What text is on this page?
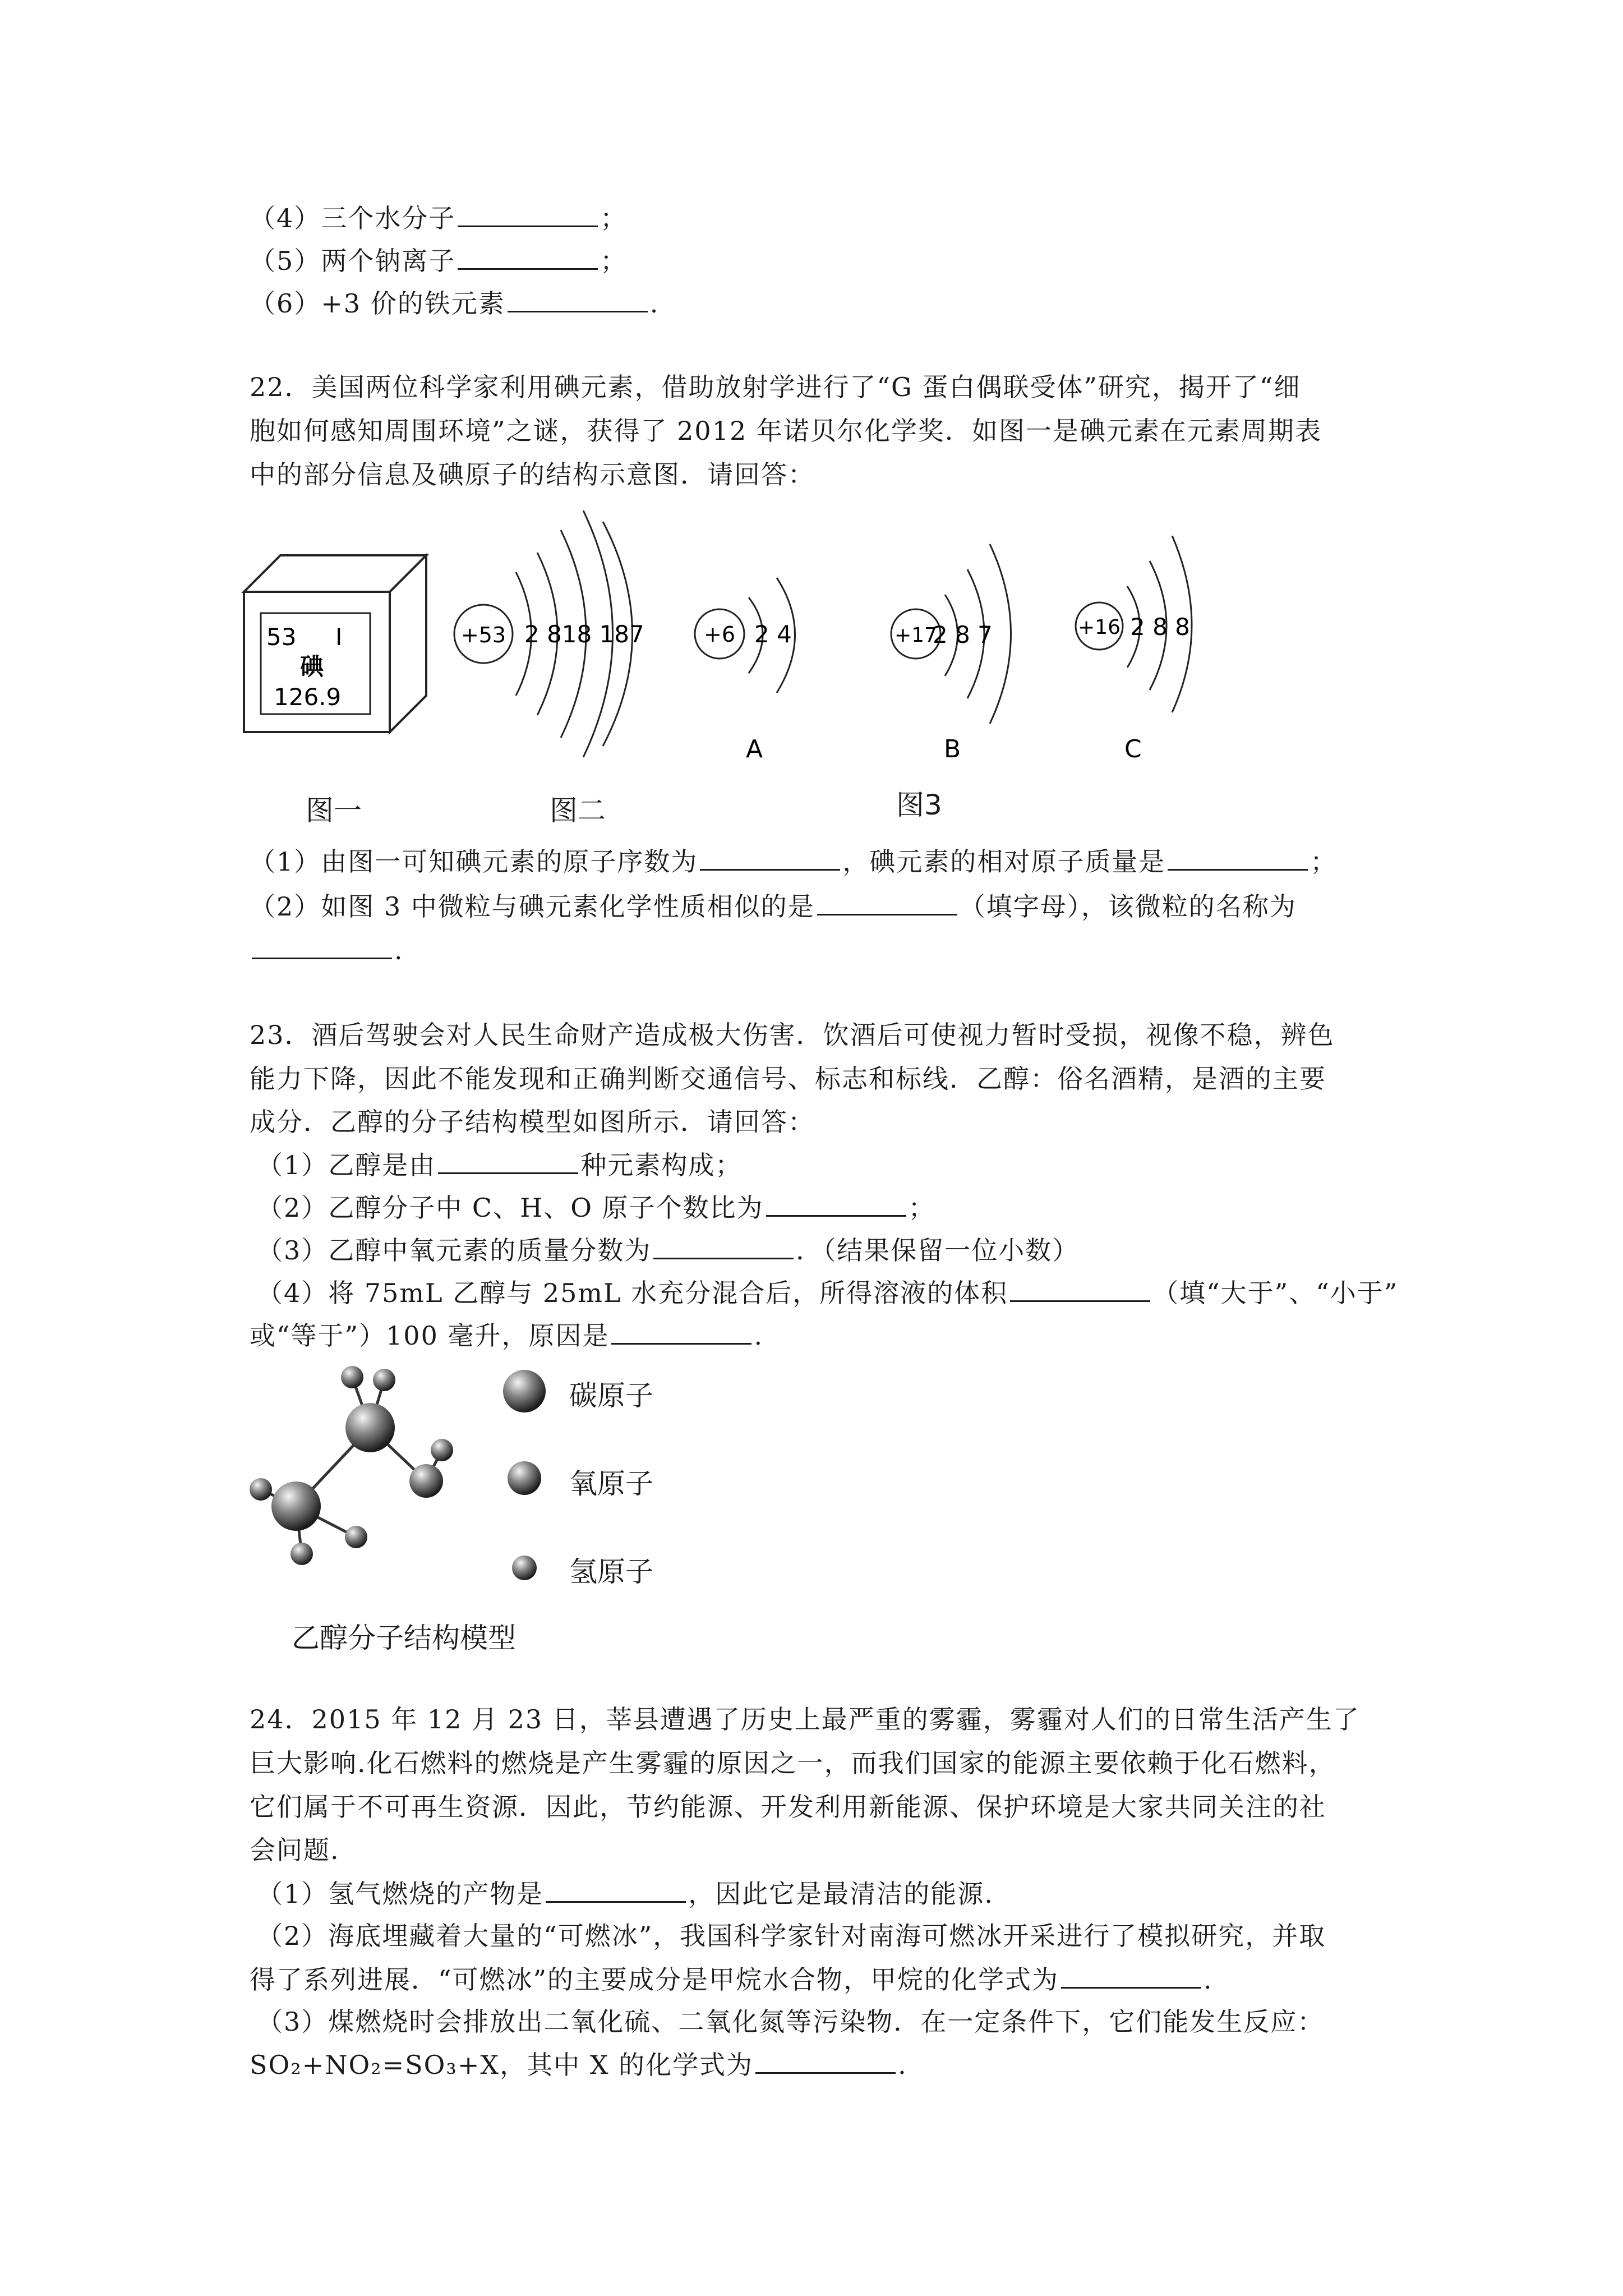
（4）三个水分子	；
（5）两个钠离子	；
（6）+3 价的铁元素	.
22．美国两位科学家利用碘元素，借助放射学进行了“G 蛋白偶联受体”研究，揭开了“细
胞如何感知周围环境”之谜，获得了 2012 年诺贝尔化学奖．如图一是碘元素在元素周期表
中的部分信息及碘原子的结构示意图．请回答：
53 I
碘
126.9
+53 2 818 187	+6 2 4
A
+17
2 8 7
B
+16 2 8 8
C
图一	图二	图3
（1）由图一可知碘元素的原子序数为	，碘元素的相对原子质量是	；
（2）如图 3 中微粒与碘元素化学性质相似的是	（填字母），该微粒的名称为
.
23．酒后驾驶会对人民生命财产造成极大伤害．饮酒后可使视力暂时受损，视像不稳，辨色
能力下降，因此不能发现和正确判断交通信号、标志和标线．乙醇：俗名酒精，是酒的主要
成分．乙醇的分子结构模型如图所示．请回答：
（1）乙醇是由	种元素构成；
（2）乙醇分子中 C、H、O 原子个数比为	；
（3）乙醇中氧元素的质量分数为	．（结果保留一位小数）
（4）将 75mL 乙醇与 25mL 水充分混合后，所得溶液的体积	（填“大于”、“小于”
或“等于”）100 毫升，原因是	.
碳原子
氧原子
氢原子
乙醇分子结构模型
24．2015 年 12 月 23 日，莘县遭遇了历史上最严重的雾霾，雾霾对人们的日常生活产生了
巨大影响.化石燃料的燃烧是产生雾霾的原因之一，而我们国家的能源主要依赖于化石燃料，
它们属于不可再生资源．因此，节约能源、开发利用新能源、保护环境是大家共同关注的社
会问题.
（1）氢气燃烧的产物是	，因此它是最清洁的能源.
（2）海底埋藏着大量的“可燃冰”，我国科学家针对南海可燃冰开采进行了模拟研究，并取
得了系列进展．“可燃冰”的主要成分是甲烷水合物，甲烷的化学式为	.
（3）煤燃烧时会排放出二氧化硫、二氧化氮等污染物．在一定条件下，它们能发生反应：
SO₂+NO₂=SO₃+X，其中 X 的化学式为	.
